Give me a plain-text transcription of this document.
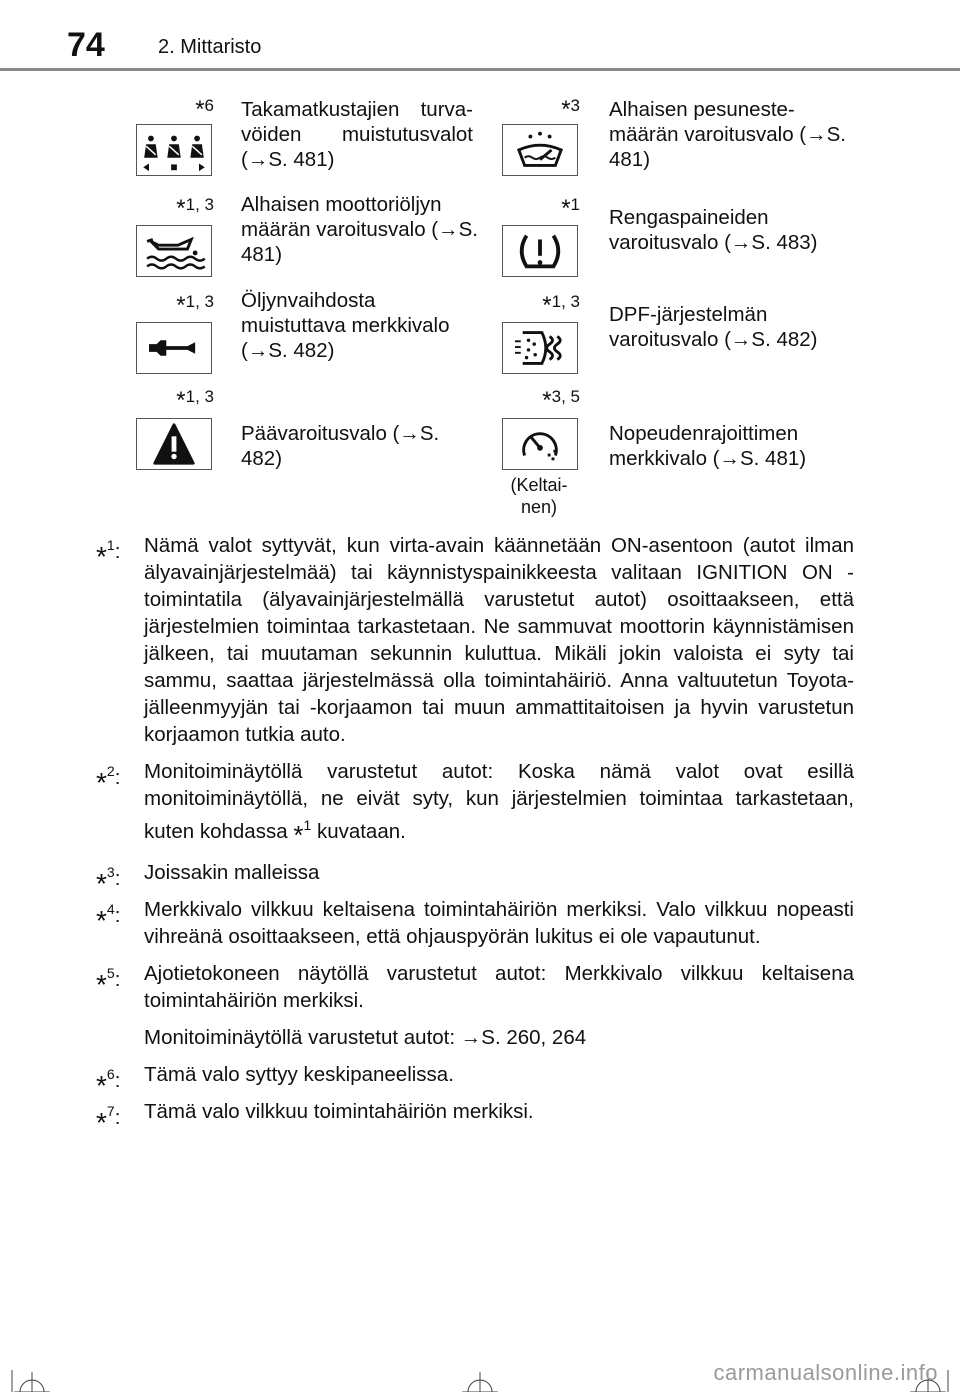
74	2. Mittaristo
*6 Takamatkustajien turva-vöiden muistutusvalot (→S. 481)
*3 Alhaisen pesuneste-määrän varoitusvalo (→S. 481)
*1, 3 Alhaisen moottoriöljyn määrän varoitusvalo (→S. 481)
*1
Rengaspaineiden varoitusvalo (→S. 483)
*1, 3 Öljynvaihdosta muistuttava merkkivalo (→S. 482)
*1, 3
DPF-järjestelmän varoitusvalo (→S. 482)
*1, 3
Päävaroitusvalo (→S. 482)
*3, 5
(Keltai-nen)
Nopeudenrajoittimen merkkivalo (→S. 481)
*$^1$: Nämä valot syttyvät, kun virta-avain käännetään ON-asentoon (autot ilman älyavainjärjestelmää) tai käynnistyspainikkeesta valitaan IGNITION ON -toimintatila (älyavainjärjestelmällä varustetut autot) osoittaakseen, että järjestelmien toimintaa tarkastetaan. Ne sammuvat moottorin käynnistämisen jälkeen, tai muutaman sekunnin kuluttua. Mikäli jokin valoista ei syty tai sammu, saattaa järjestelmässä olla toimintahäiriö. Anna valtuutetun Toyota-jälleenmyyjän tai -korjaamon tai muun ammattitaitoisen ja hyvin varustetun korjaamon tutkia auto.
*$^2$: Monitoiminäytöllä varustetut autot: Koska nämä valot ovat esillä monitoiminäytöllä, ne eivät syty, kun järjestelmien toimintaa tarkastetaan, kuten kohdassa *$^1$ kuvataan.
*$^3$: Joissakin malleissa
*$^4$: Merkkivalo vilkkuu keltaisena toimintahäiriön merkiksi. Valo vilkkuu nopeasti vihreänä osoittaakseen, että ohjauspyörän lukitus ei ole vapautunut.
*$^5$: Ajotietokoneen näytöllä varustetut autot: Merkkivalo vilkkuu keltaisena toimintahäiriön merkiksi.
Monitoiminäytöllä varustetut autot: →S. 260, 264
*$^6$: Tämä valo syttyy keskipaneelissa.
*$^7$: Tämä valo vilkkuu toimintahäiriön merkiksi.
carmanualsonline.info
